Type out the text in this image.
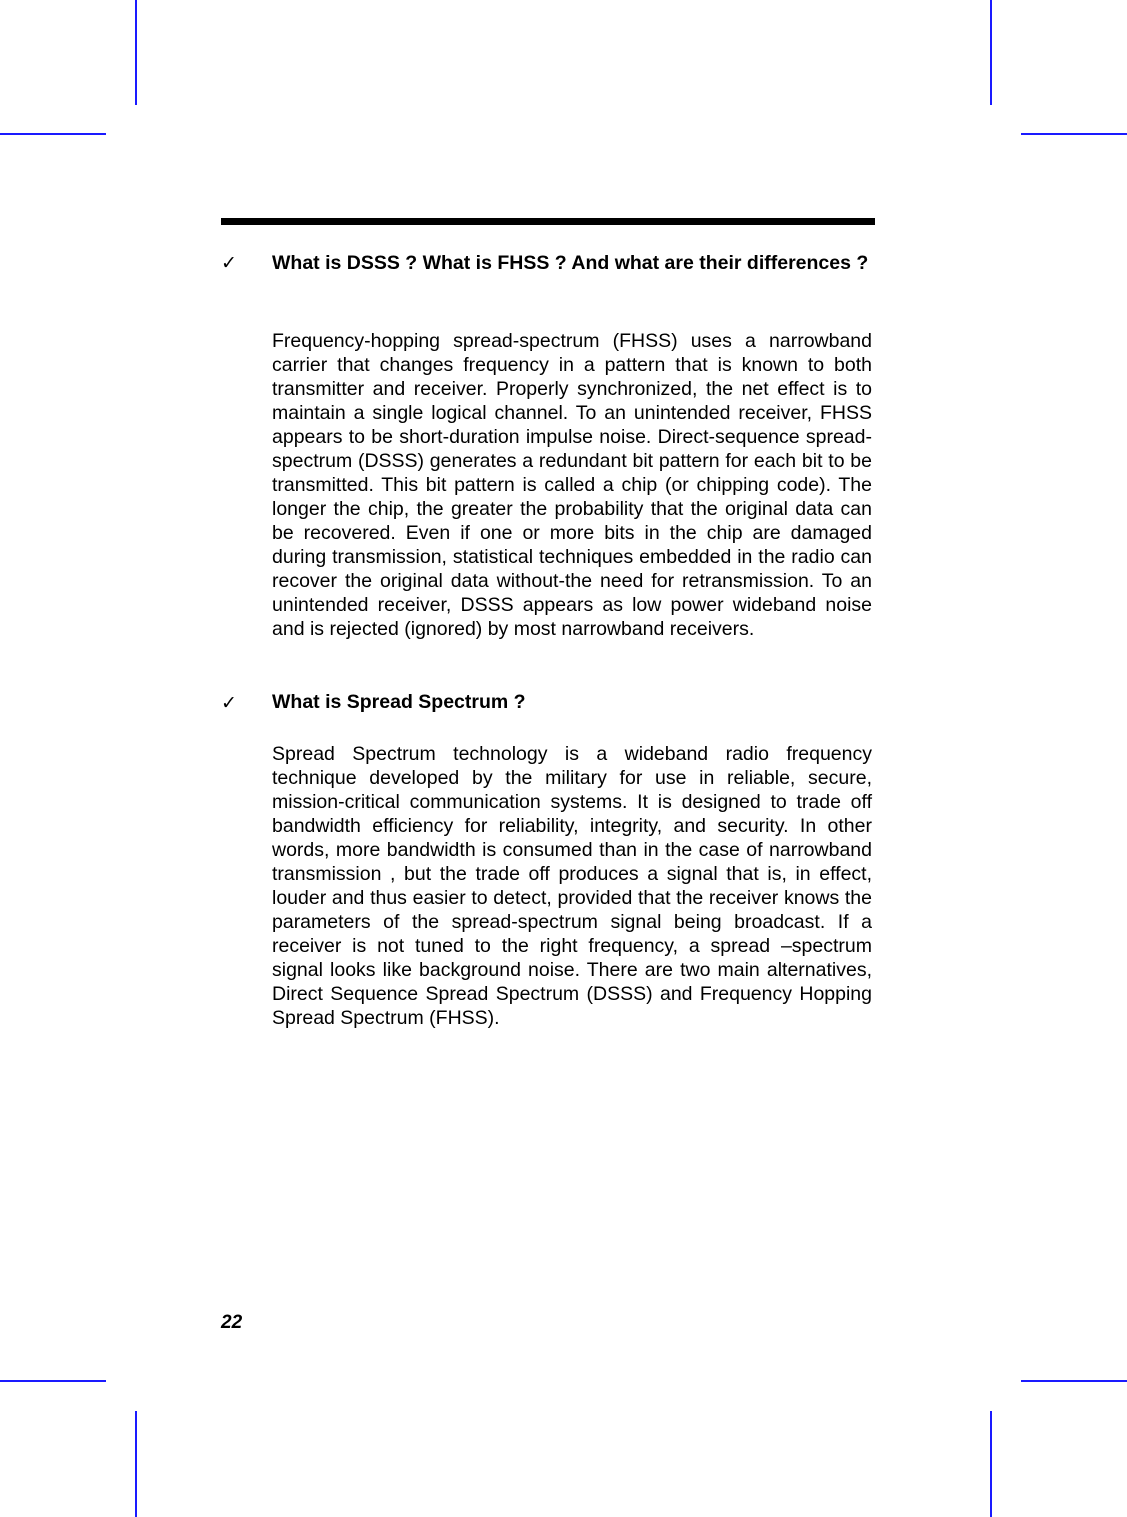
✓ What is DSSS ? What is FHSS ? And what are their differences ?
Frequency-hopping spread-spectrum (FHSS) uses a narrowband carrier that changes frequency in a pattern that is known to both transmitter and receiver. Properly synchronized, the net effect is to maintain a single logical channel. To an unintended receiver, FHSS appears to be short-duration impulse noise. Direct-sequence spread-spectrum (DSSS) generates a redundant bit pattern for each bit to be transmitted. This bit pattern is called a chip (or chipping code). The longer the chip, the greater the probability that the original data can be recovered. Even if one or more bits in the chip are damaged during transmission, statistical techniques embedded in the radio can recover the original data without-the need for retransmission. To an unintended receiver, DSSS appears as low power wideband noise and is rejected (ignored) by most narrowband receivers.
✓ What is Spread Spectrum ?
Spread Spectrum technology is a wideband radio frequency technique developed by the military for use in reliable, secure, mission-critical communication systems. It is designed to trade off bandwidth efficiency for reliability, integrity, and security. In other words, more bandwidth is consumed than in the case of narrowband transmission , but the trade off produces a signal that is, in effect, louder and thus easier to detect, provided that the receiver knows the parameters of the spread-spectrum signal being broadcast. If a receiver is not tuned to the right frequency, a spread –spectrum signal looks like background noise. There are two main alternatives, Direct Sequence Spread Spectrum (DSSS) and Frequency Hopping Spread Spectrum (FHSS).
22
